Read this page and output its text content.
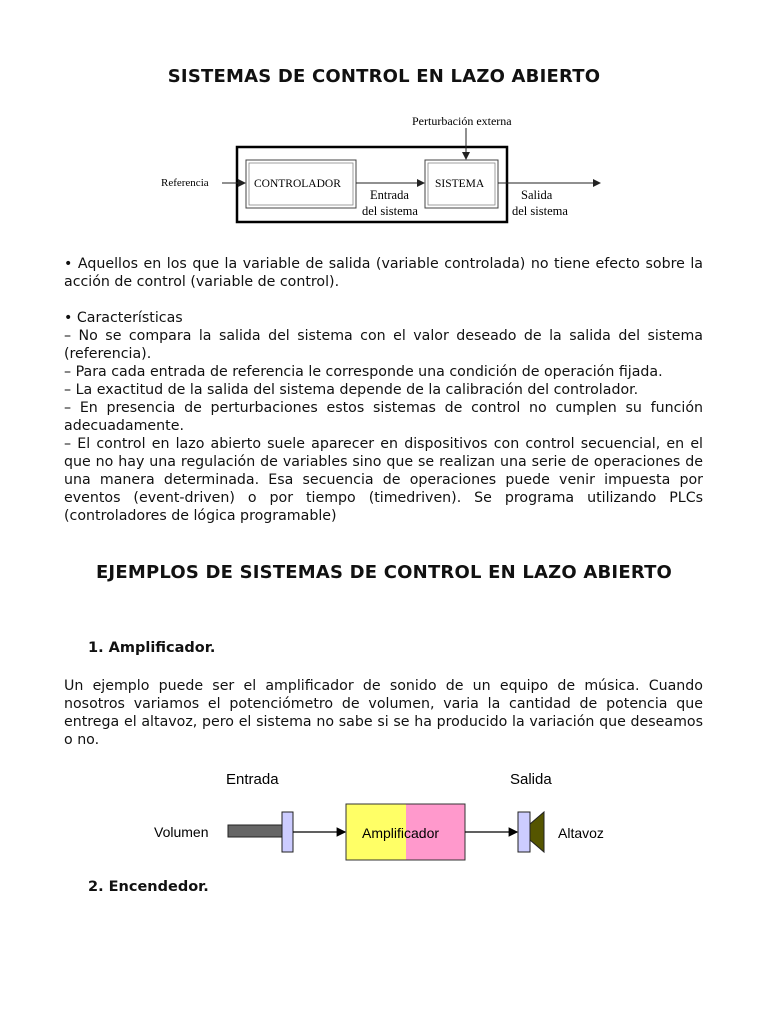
SISTEMAS DE CONTROL EN LAZO ABIERTO
Perturbación externa
Referencia	CONTROLADOR	SISTEMA
Entrada
del sistema
Salida
del sistema

• Aquellos en los que la variable de salida (variable controlada) no tiene efecto sobre la acción de control (variable de control).

• Características

– No se compara la salida del sistema con el valor deseado de la salida del sistema (referencia).

– Para cada entrada de referencia le corresponde una condición de operación fijada.

– La exactitud de la salida del sistema depende de la calibración del controlador.

– En presencia de perturbaciones estos sistemas de control no cumplen su función adecuadamente.

– El control en lazo abierto suele aparecer en dispositivos con control secuencial, en el que no hay una regulación de variables sino que se realizan una serie de operaciones de una manera determinada. Esa secuencia de operaciones puede venir impuesta por eventos (event-driven) o por tiempo (timedriven). Se programa utilizando PLCs (controladores de lógica programable)

EJEMPLOS DE SISTEMAS DE CONTROL EN LAZO ABIERTO
1. Amplificador.

Un ejemplo puede ser el amplificador de sonido de un equipo de música. Cuando nosotros variamos el potenciómetro de volumen, varia la cantidad de potencia que entrega el altavoz, pero el sistema no sabe si se ha producido la variación que deseamos o no.

Entrada	Salida
Volumen	Amplificador	Altavoz
2. Encendedor.
